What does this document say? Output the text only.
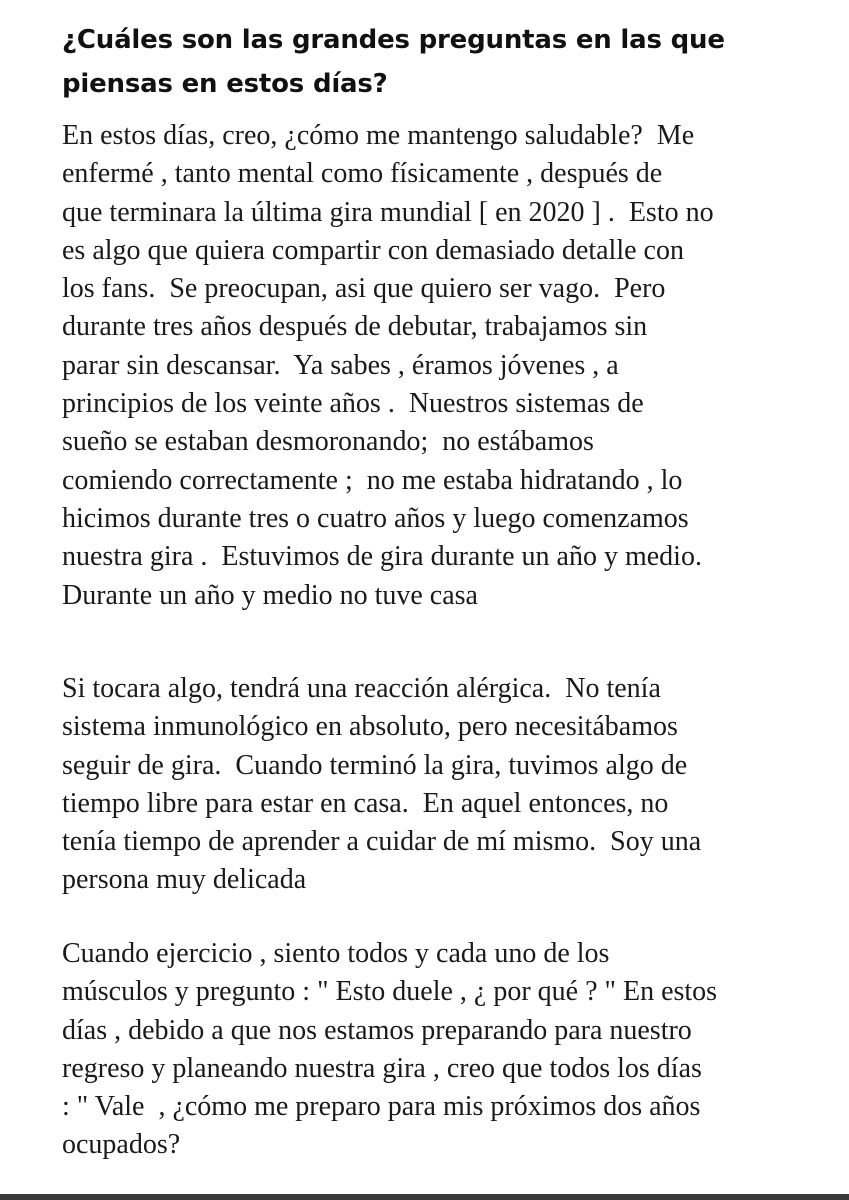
¿Cuáles son las grandes preguntas en las que
piensas en estos días?

En estos días, creo, ¿cómo me mantengo saludable?  Me
enfermé , tanto mental como físicamente , después de
que terminara la última gira mundial [ en 2020 ] .  Esto no
es algo que quiera compartir con demasiado detalle con
los fans.  Se preocupan, asi que quiero ser vago.  Pero
durante tres años después de debutar, trabajamos sin
parar sin descansar.  Ya sabes , éramos jóvenes , a
principios de los veinte años .  Nuestros sistemas de
sueño se estaban desmoronando;  no estábamos
comiendo correctamente ;  no me estaba hidratando , lo
hicimos durante tres o cuatro años y luego comenzamos
nuestra gira .  Estuvimos de gira durante un año y medio.
Durante un año y medio no tuve casa

Si tocara algo, tendrá una reacción alérgica.  No tenía
sistema inmunológico en absoluto, pero necesitábamos
seguir de gira.  Cuando terminó la gira, tuvimos algo de
tiempo libre para estar en casa.  En aquel entonces, no
tenía tiempo de aprender a cuidar de mí mismo.  Soy una
persona muy delicada

Cuando ejercicio , siento todos y cada uno de los
músculos y pregunto : " Esto duele , ¿ por qué ? " En estos
días , debido a que nos estamos preparando para nuestro
regreso y planeando nuestra gira , creo que todos los días
: " Vale  , ¿cómo me preparo para mis próximos dos años
ocupados?
